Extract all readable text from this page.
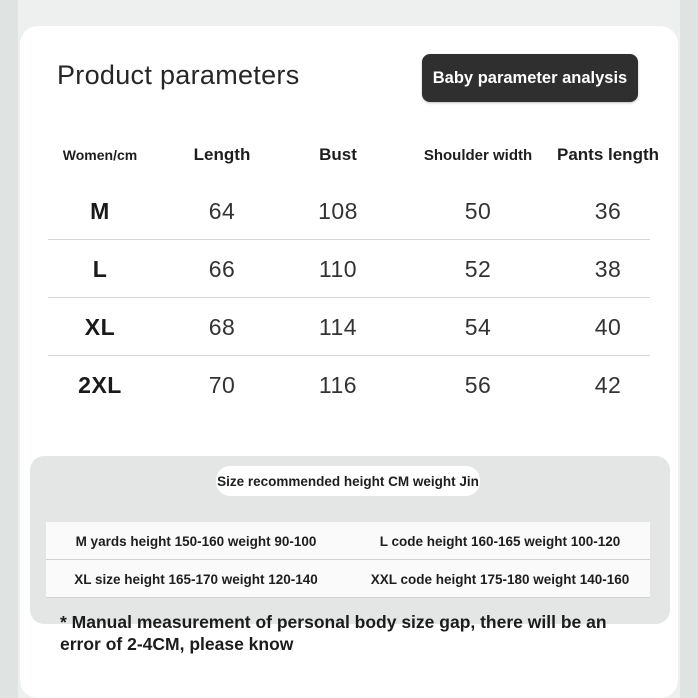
Product parameters	Baby parameter analysis
Women/cm	Length	Bust	Shoulder width	Pants length
M	64	108	50	36
L	66	110	52	38
XL	68	114	54	40
2XL	70	116	56	42
Size recommended height CM weight Jin
M yards height 150-160 weight 90-100	L code height 160-165 weight 100-120
XL size height 165-170 weight 120-140	XXL code height 175-180 weight 140-160
* Manual measurement of personal body size gap, there will be an error of 2-4CM, please know
